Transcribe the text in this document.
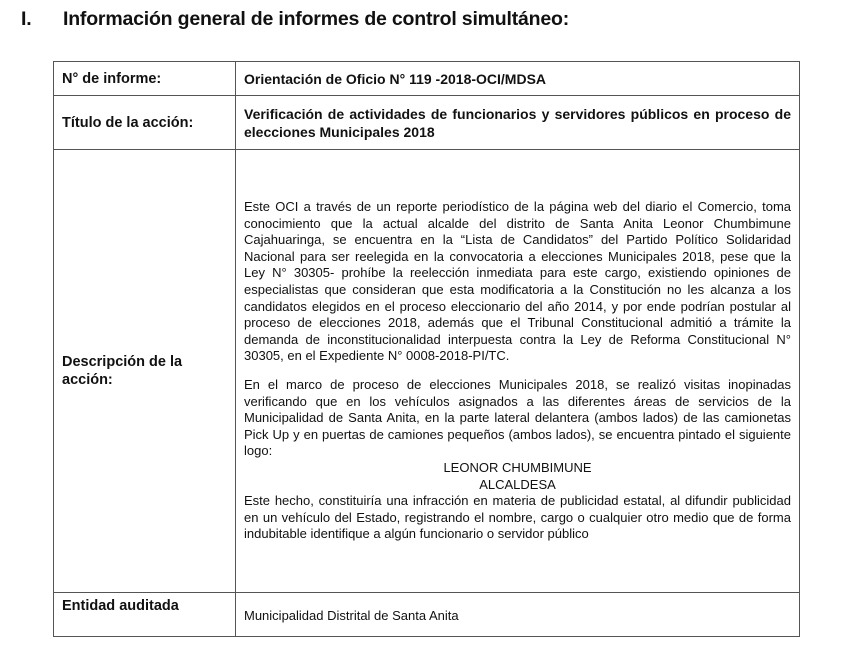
I. Información general de informes de control simultáneo:
N° de informe:	Orientación de Oficio N° 119 -2018-OCI/MDSA
Título de la acción:	Verificación de actividades de funcionarios y servidores públicos en proceso de elecciones Municipales 2018
Descripción de la acción:	Este OCI a través de un reporte periodístico de la página web del diario el Comercio, toma conocimiento que la actual alcalde del distrito de Santa Anita Leonor Chumbimune Cajahuaringa, se encuentra en la “Lista de Candidatos” del Partido Político Solidaridad Nacional para ser reelegida en la convocatoria a elecciones Municipales 2018, pese que la Ley N° 30305- prohíbe la reelección inmediata para este cargo, existiendo opiniones de especialistas que consideran que esta modificatoria a la Constitución no les alcanza a los candidatos elegidos en el proceso eleccionario del año 2014, y por ende podrían postular al proceso de elecciones 2018, además que el Tribunal Constitucional admitió a trámite la demanda de inconstitucionalidad interpuesta contra la Ley de Reforma Constitucional N° 30305, en el Expediente N° 0008-2018-PI/TC.

En el marco de proceso de elecciones Municipales 2018, se realizó visitas inopinadas verificando que en los vehículos asignados a las diferentes áreas de servicios de la Municipalidad de Santa Anita, en la parte lateral delantera (ambos lados) de las camionetas Pick Up y en puertas de camiones pequeños (ambos lados), se encuentra pintado el siguiente logo:

LEONOR CHUMBIMUNE

ALCALDESA

Este hecho, constituiría una infracción en materia de publicidad estatal, al difundir publicidad en un vehículo del Estado, registrando el nombre, cargo o cualquier otro medio que de forma indubitable identifique a algún funcionario o servidor público

Entidad auditada	Municipalidad Distrital de Santa Anita
